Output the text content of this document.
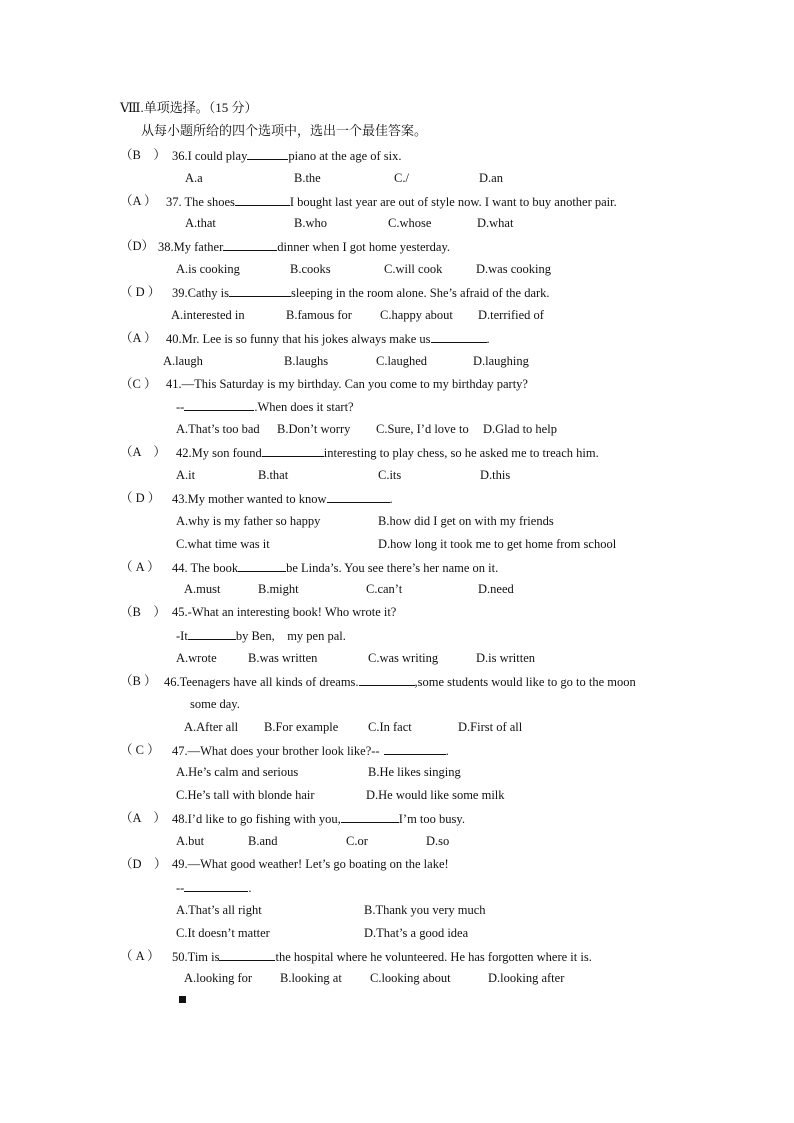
Ⅷ.单项选择。（15 分）
从每小题所给的四个选项中，选出一个最佳答案。
（B　） 36.I could play	piano at the age of six.
A.a	B.the	C./	D.an
（A ） 37. The shoes	I bought last year are out of style now. I want to buy another pair.
A.that	B.who	C.whose	D.what
（D） 38.My father	dinner when I got home yesterday.
A.is cooking	B.cooks	C.will cook	D.was cooking
（ D ） 39.Cathy is	sleeping in the room alone. She’s afraid of the dark.
A.interested in	B.famous for C.happy about D.terrified of
（A ） 40.Mr. Lee is so funny that his jokes always make us	.
A.laugh	B.laughs	C.laughed	D.laughing
（C ） 41.—This Saturday is my birthday. Can you come to my birthday party?
--	.When does it start?
A.That’s too bad B.Don’t worry C.Sure, I’d love to D.Glad to help
（A　） 42.My son found	interesting to play chess, so he asked me to treach him.
A.it	B.that	C.its	D.this
（ D ） 43.My mother wanted to know	.
A.why is my father so happy	B.how did I get on with my friends
C.what time was it	D.how long it took me to get home from school
（ A ） 44. The book	be Linda’s. You see there’s her name on it.
A.must	B.might	C.can’t	D.need
（B　） 45.-What an interesting book! Who wrote it?
-It	by Ben,　my pen pal.
A.wrote	B.was written	C.was writing	D.is written
（B ） 46.Teenagers have all kinds of dreams.	,some students would like to go to the moon
some day.
A.After all B.For example C.In fact	D.First of all
（ C ） 47.—What does your brother look like?--	.
A.He’s calm and serious	B.He likes singing
C.He’s tall with blonde hair	D.He would like some milk
（A　） 48.I’d like to go fishing with you,	I’m too busy.
A.but	B.and	C.or	D.so
（D　） 49.—What good weather! Let’s go boating on the lake!
--	.
A.That’s all right	B.Thank you very much
C.It doesn’t matter	D.That’s a good idea
（ A ） 50.Tim is	the hospital where he volunteered. He has forgotten where it is.
A.looking for B.looking at C.looking about	D.looking after
